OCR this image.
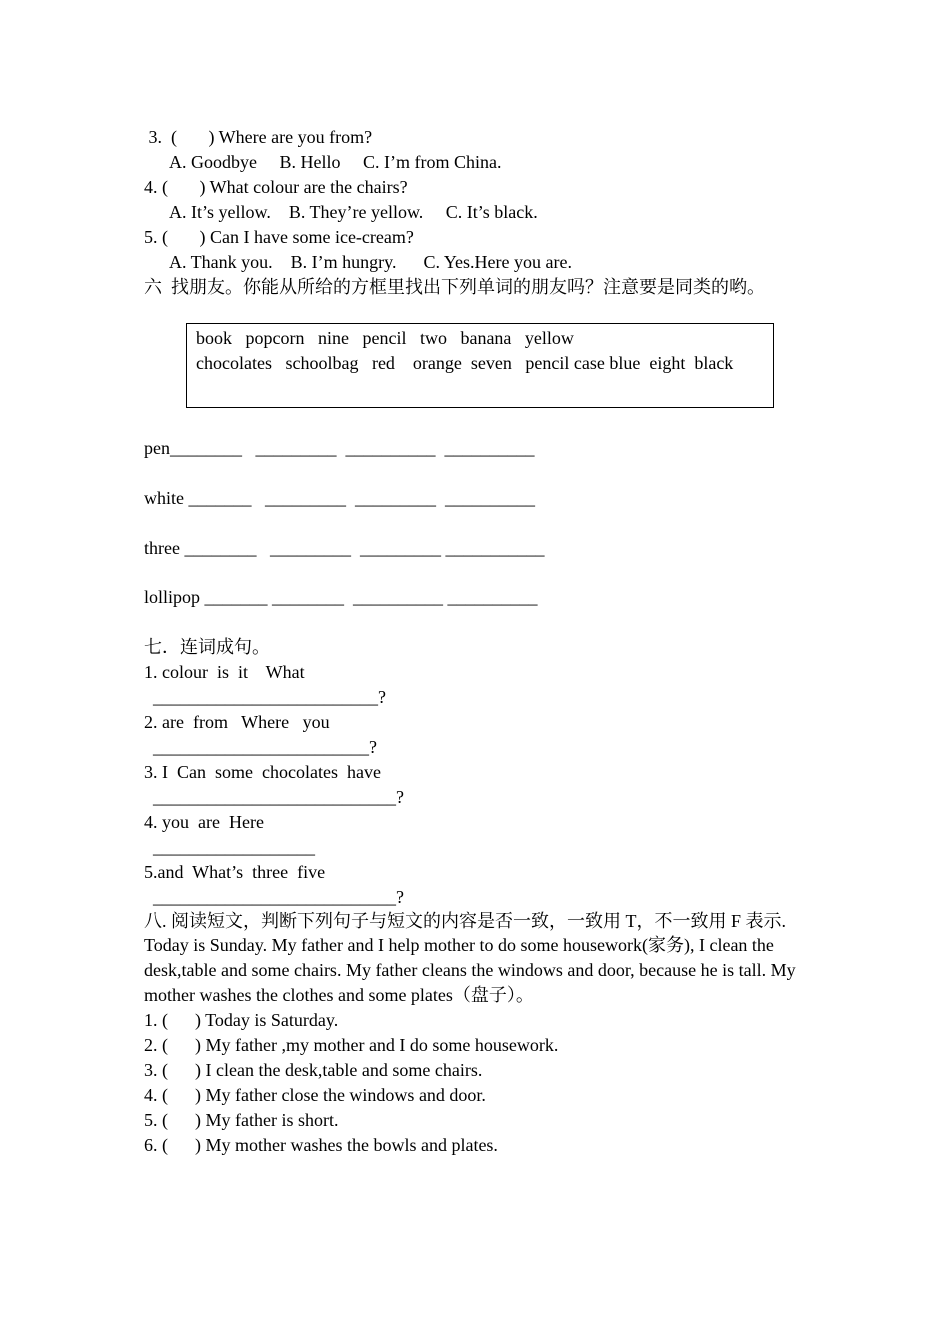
3.  (       ) Where are you from?
A. Goodbye     B. Hello     C. I’m from China.
4. (       ) What colour are the chairs?
A. It’s yellow.    B. They’re yellow.     C. It’s black.
5. (       ) Can I have some ice-cream?
A. Thank you.    B. I’m hungry.      C. Yes.Here you are.
六  找朋友。你能从所给的方框里找出下列单词的朋友吗？注意要是同类的哟。
book   popcorn   nine   pencil   two   banana   yellow
chocolates   schoolbag   red    orange  seven   pencil case blue  eight  black
pen________   _________  __________  __________
white _______   _________  _________  __________
three ________   _________  _________ ___________
lollipop _______ ________  __________ __________
七．连词成句。
1. colour  is  it    What
_________________________?
2. are  from   Where   you
________________________?
3. I  Can  some  chocolates  have
___________________________?
4. you  are  Here
__________________
5.and  What’s  three  five
___________________________?
八. 阅读短文，判断下列句子与短文的内容是否一致，一致用 T，不一致用 F 表示.
Today is Sunday. My father and I help mother to do some housework(家务), I clean the desk,table and some chairs. My father cleans the windows and door, because he is tall. My mother washes the clothes and some plates（盘子）。
1. (      ) Today is Saturday.
2. (      ) My father ,my mother and I do some housework.
3. (      ) I clean the desk,table and some chairs.
4. (      ) My father close the windows and door.
5. (      ) My father is short.
6. (      ) My mother washes the bowls and plates.
